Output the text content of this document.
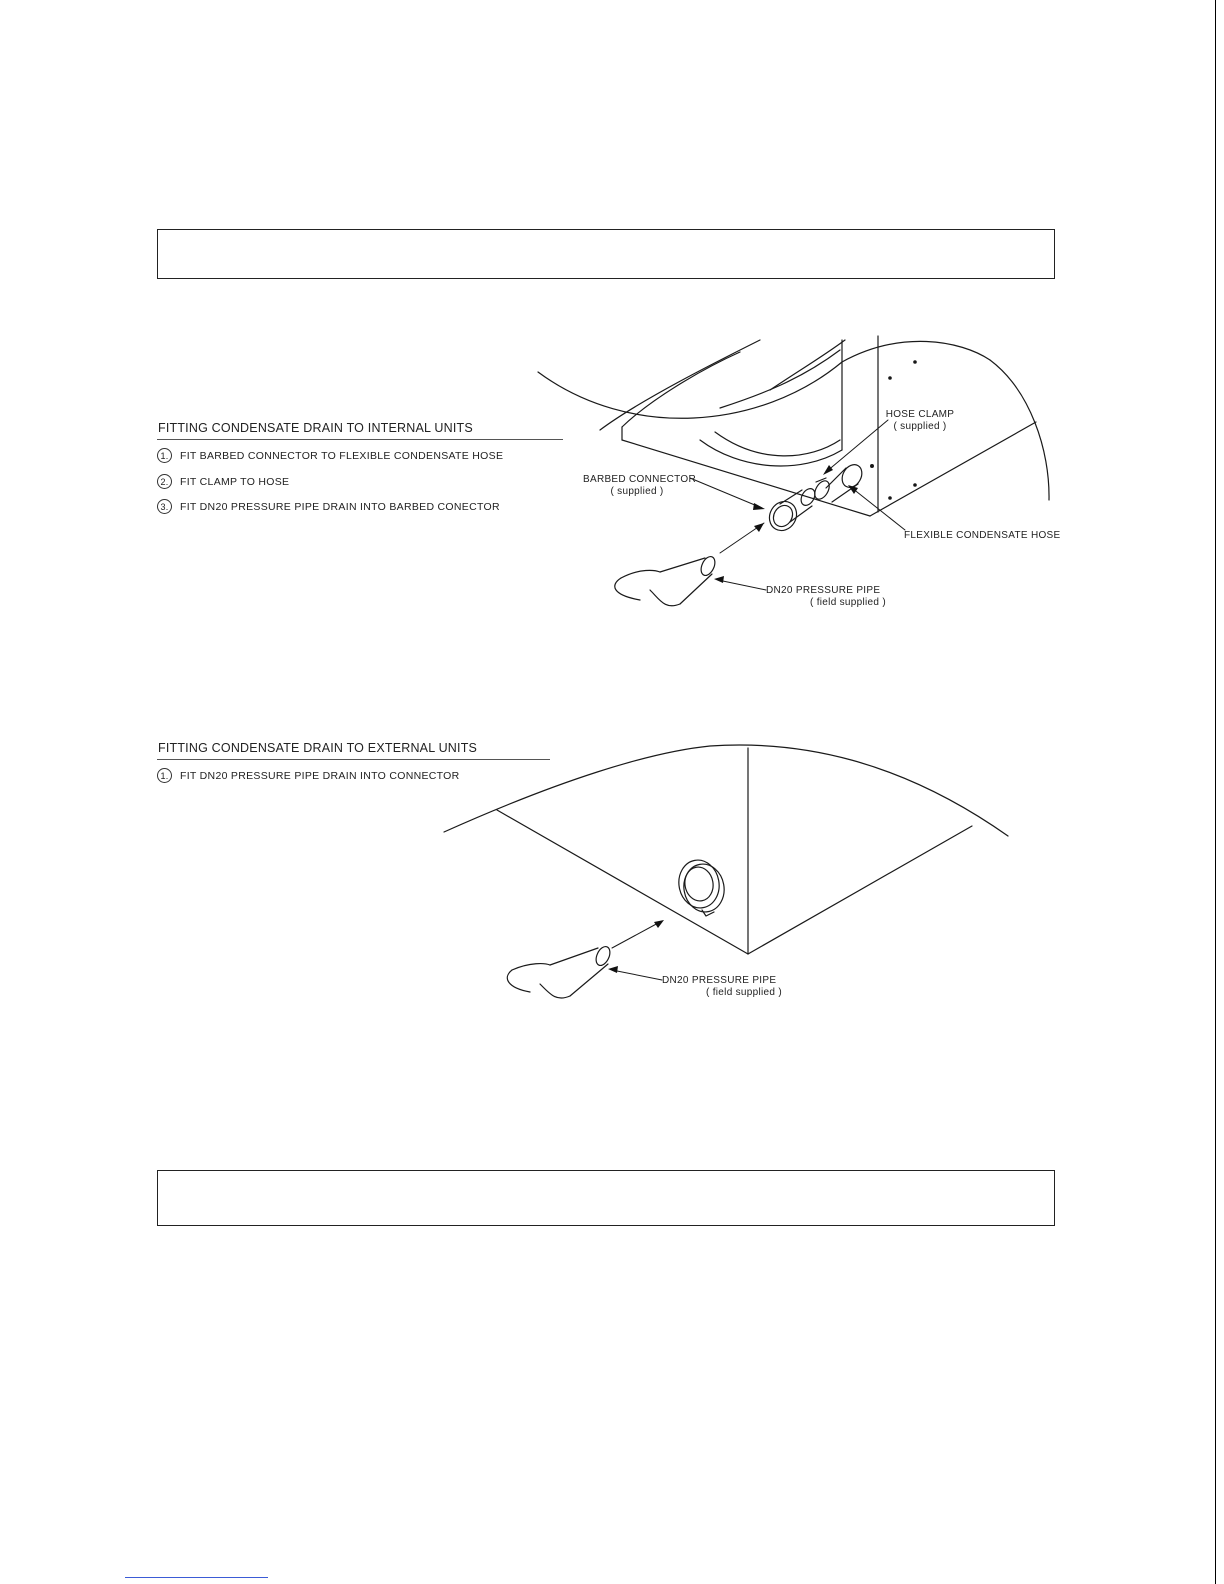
FITTING CONDENSATE DRAIN TO INTERNAL UNITS
1.	FIT BARBED CONNECTOR TO FLEXIBLE CONDENSATE HOSE
2.	FIT CLAMP TO HOSE
3.	FIT DN20 PRESSURE PIPE DRAIN INTO BARBED CONECTOR
HOSE CLAMP
( supplied )
BARBED CONNECTOR
( supplied )
FLEXIBLE CONDENSATE HOSE
DN20 PRESSURE PIPE
( field supplied )
FITTING CONDENSATE DRAIN TO EXTERNAL UNITS
1.	FIT DN20 PRESSURE PIPE DRAIN INTO CONNECTOR
DN20 PRESSURE PIPE
( field supplied )
